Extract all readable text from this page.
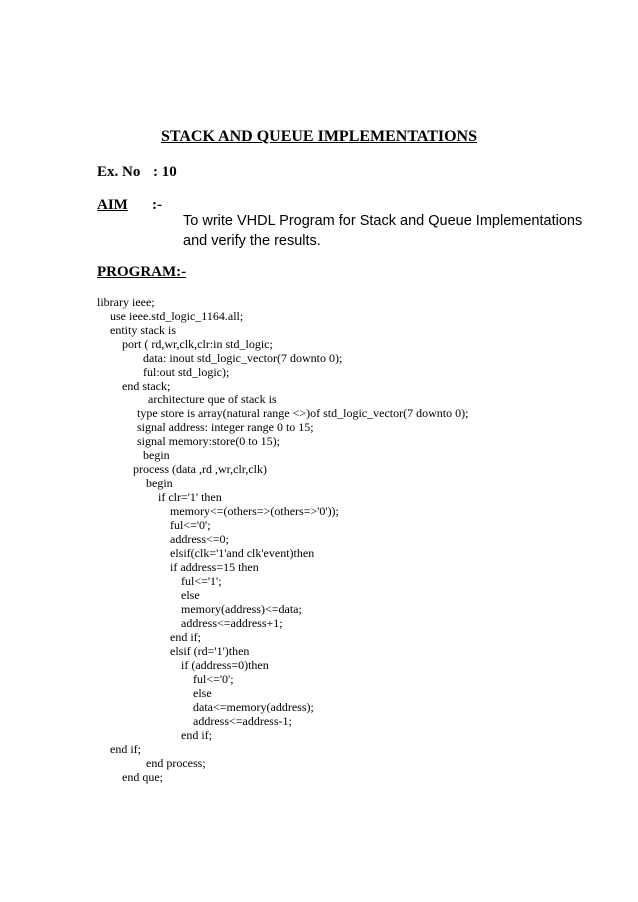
STACK AND QUEUE IMPLEMENTATIONS
Ex. No : 10
AIM :-
To write VHDL Program for Stack and Queue Implementations
and verify the results.
PROGRAM:-
library ieee;
use ieee.std_logic_1164.all;
entity stack is
port ( rd,wr,clk,clr:in std_logic;
data: inout std_logic_vector(7 downto 0);
ful:out std_logic);
end stack;
architecture que of stack is
type store is array(natural range <>)of std_logic_vector(7 downto 0);
signal address: integer range 0 to 15;
signal memory:store(0 to 15);
begin
process (data ,rd ,wr,clr,clk)
begin
if clr='1' then
memory<=(others=>(others=>'0'));
ful<='0';
address<=0;
elsif(clk='1'and clk'event)then
if address=15 then
ful<='1';
else
memory(address)<=data;
address<=address+1;
end if;
elsif (rd='1')then
if (address=0)then
ful<='0';
else
data<=memory(address);
address<=address-1;
end if;
end if;
end process;
end que;
